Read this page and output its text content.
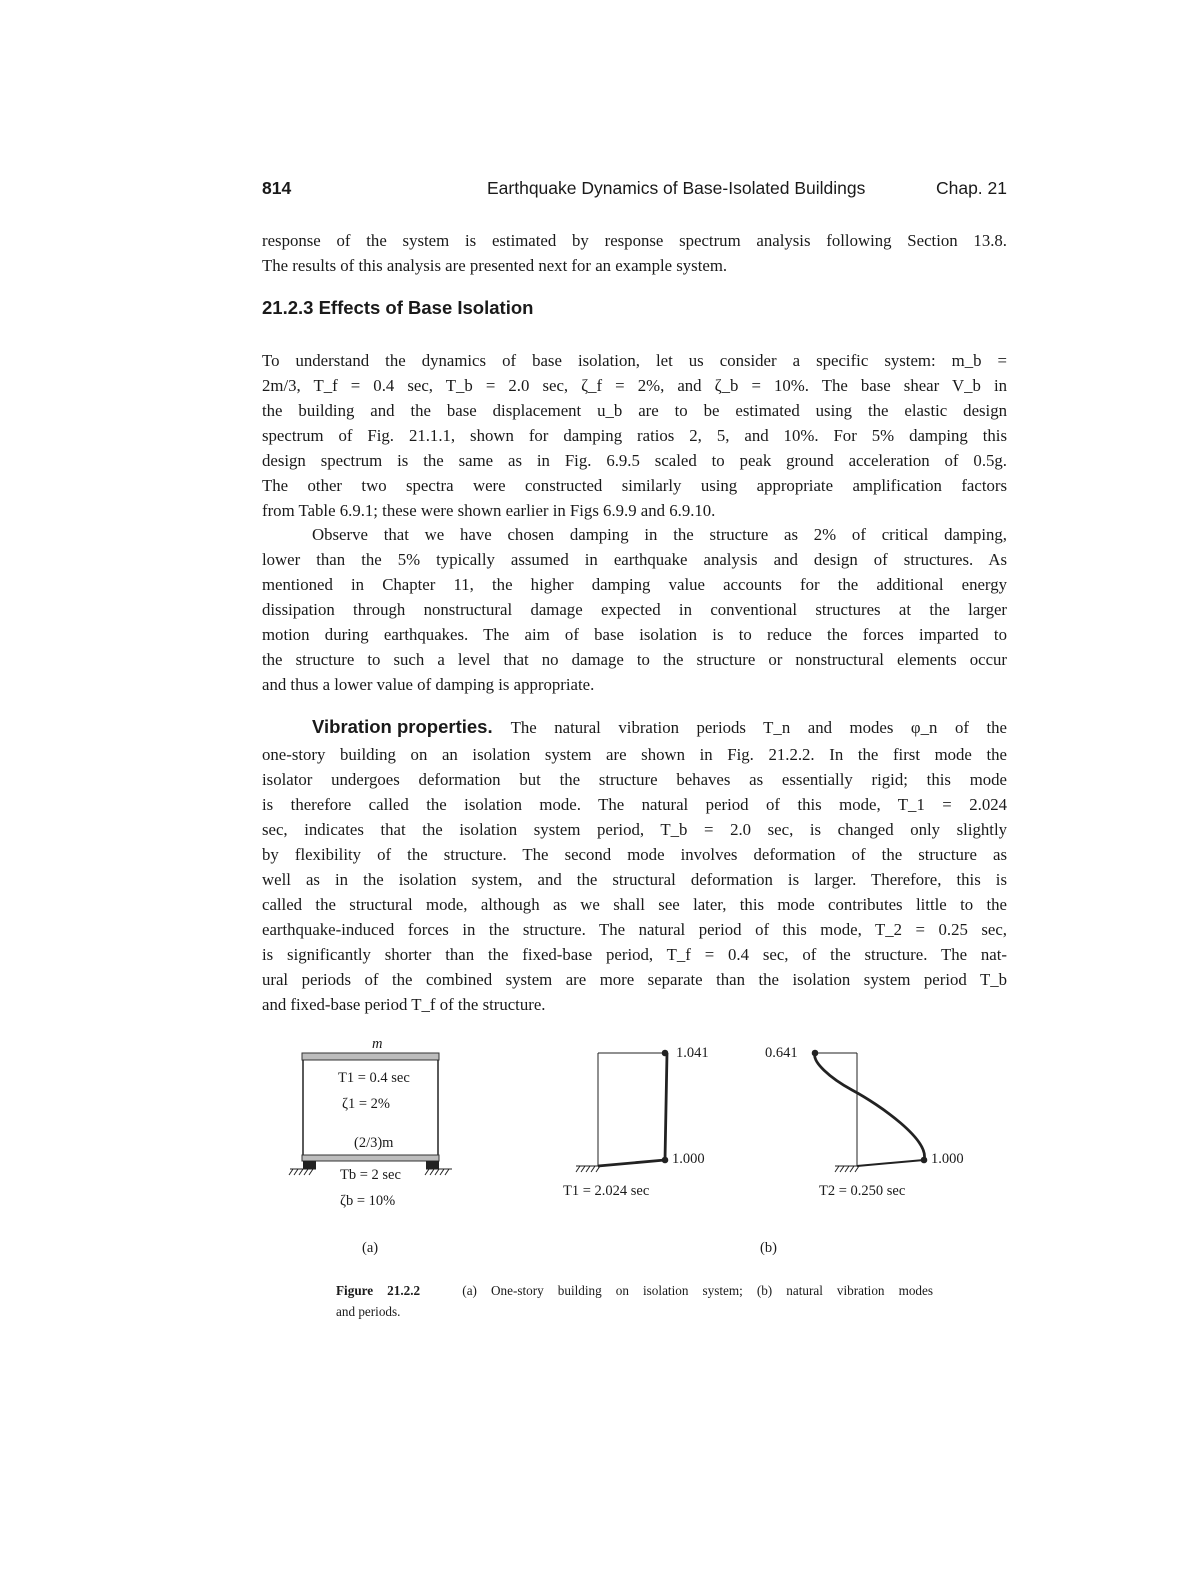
814	Earthquake Dynamics of Base-Isolated Buildings	Chap. 21
response of the system is estimated by response spectrum analysis following Section 13.8.
The results of this analysis are presented next for an example system.
21.2.3 Effects of Base Isolation
To understand the dynamics of base isolation, let us consider a specific system: m_b =
2m/3, T_f = 0.4 sec, T_b = 2.0 sec, ζ_f = 2%, and ζ_b = 10%. The base shear V_b in
the building and the base displacement u_b are to be estimated using the elastic design
spectrum of Fig. 21.1.1, shown for damping ratios 2, 5, and 10%. For 5% damping this
design spectrum is the same as in Fig. 6.9.5 scaled to peak ground acceleration of 0.5g.
The other two spectra were constructed similarly using appropriate amplification factors
from Table 6.9.1; these were shown earlier in Figs 6.9.9 and 6.9.10.
Observe that we have chosen damping in the structure as 2% of critical damping,
lower than the 5% typically assumed in earthquake analysis and design of structures. As
mentioned in Chapter 11, the higher damping value accounts for the additional energy
dissipation through nonstructural damage expected in conventional structures at the larger
motion during earthquakes. The aim of base isolation is to reduce the forces imparted to
the structure to such a level that no damage to the structure or nonstructural elements occur
and thus a lower value of damping is appropriate.
Vibration properties. The natural vibration periods T_n and modes φ_n of the
one-story building on an isolation system are shown in Fig. 21.2.2. In the first mode the
isolator undergoes deformation but the structure behaves as essentially rigid; this mode
is therefore called the isolation mode. The natural period of this mode, T_1 = 2.024
sec, indicates that the isolation system period, T_b = 2.0 sec, is changed only slightly
by flexibility of the structure. The second mode involves deformation of the structure as
well as in the isolation system, and the structural deformation is larger. Therefore, this is
called the structural mode, although as we shall see later, this mode contributes little to the
earthquake-induced forces in the structure. The natural period of this mode, T_2 = 0.25 sec,
is significantly shorter than the fixed-base period, T_f = 0.4 sec, of the structure. The nat-
ural periods of the combined system are more separate than the isolation system period T_b
and fixed-base period T_f of the structure.
m
T1 = 0.4 sec
ζ1 = 2%
(2/3)m
Tb = 2 sec
ζb = 10%
(a)
1.041
1.000
T1 = 2.024 sec
0.641
1.000
T2 = 0.250 sec
(b)
Figure 21.2.2	(a) One-story building on isolation system; (b) natural vibration modes
and periods.
